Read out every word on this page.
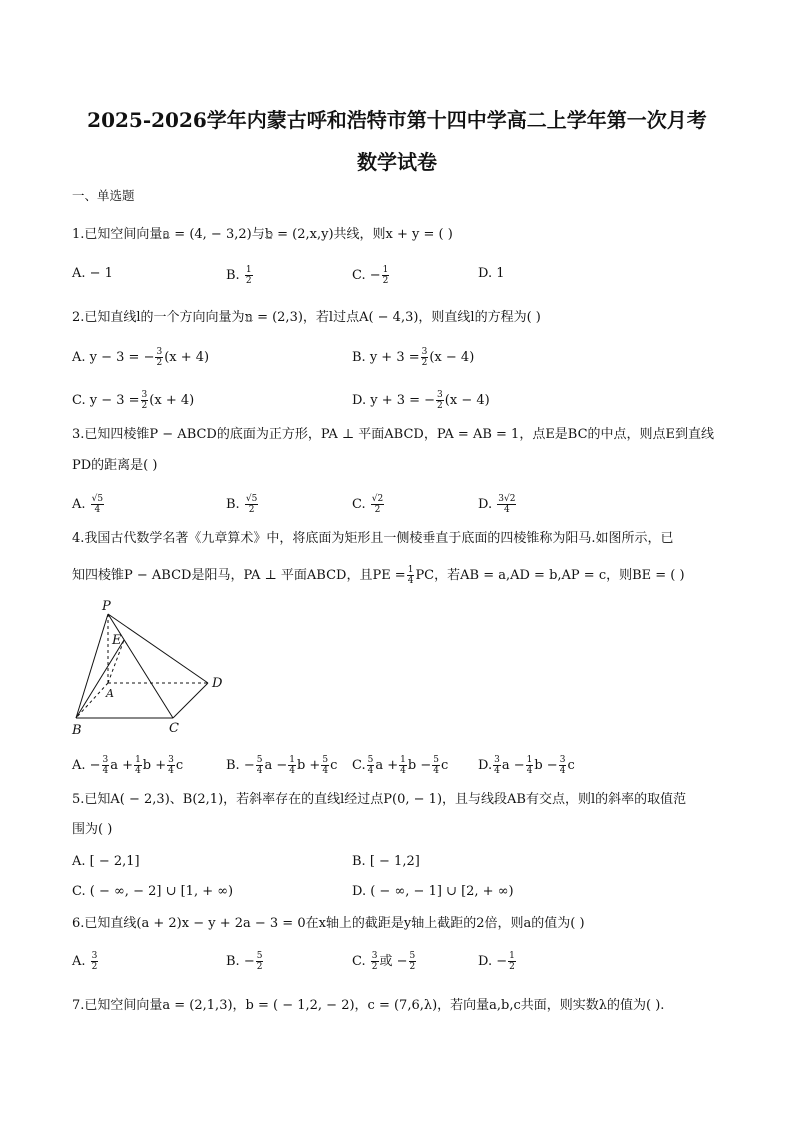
2025-2026学年内蒙古呼和浩特市第十四中学高二上学年第一次月考
数学试卷
一、单选题
1.已知空间向量a = (4, − 3,2)与b = (2,x,y)共线，则x + y = ( )
A. − 1	B. $\frac{1}{2}$	C. − $\frac{1}{2}$	D. 1
2.已知直线l的一个方向向量为n = (2,3)，若l过点A( − 4,3)，则直线l的方程为( )
A. y − 3 = − $\frac{3}{2} (x + 4)$	B. $y + 3 = \frac{3}{2} (x - 4)$
C. $y - 3 = \frac{3}{2} (x + 4)$	D. y + 3 = − $\frac{3}{2} (x - 4)$
3.已知四棱锥P − ABCD的底面为正方形，PA ⊥ 平面ABCD，PA = AB = 1，点E是BC的中点，则点E到直线
PD的距离是( )
A. $\frac{√5}{4}$	B. $\frac{√5}{2}$	C. $\frac{√2}{2}$	D. $\frac{3√2}{4}$
4.我国古代数学名著《九章算术》中，将底面为矩形且一侧棱垂直于底面的四棱锥称为阳马.如图所示，已
知四棱锥P − ABCD是阳马，PA ⊥ 平面ABCD，且PE = $\frac{1}{4}$ PC，若AB = a,AD = b,AP = c，则BE = ( )
P
E
A
D
B	C
A. − $\frac{3}{4}$ $a + \frac{1}{4}$ $b + \frac{3}{4}$ c	B. − $\frac{5}{4}$ $a - \frac{1}{4}$ $b + \frac{5}{4}$ c C. $\frac{5}{4}$ $a + \frac{1}{4}$ $b - \frac{5}{4}$ c D. $\frac{3}{4}$ $a - \frac{1}{4}$ $b - \frac{3}{4}$ c
5.已知A( − 2,3)、B(2,1)，若斜率存在的直线l经过点P(0, − 1)，且与线段AB有交点，则l的斜率的取值范
围为( )
A. [ − 2,1]	B. [ − 1,2]
C. ( − ∞, − 2] ∪ [1, + ∞)	D. ( − ∞, − 1] ∪ [2, + ∞)
6.已知直线(a + 2)x − y + 2a − 3 = 0在x轴上的截距是y轴上截距的2倍，则a的值为( )
A. $\frac{3}{2}$	B. − $\frac{5}{2}$	C. $\frac{3}{2}$ 或 − $\frac{5}{2}$	D. − $\frac{1}{2}$
7.已知空间向量a = (2,1,3)，b = ( − 1,2, − 2)，c = (7,6,λ)，若向量a,b,c共面，则实数λ的值为( ).
